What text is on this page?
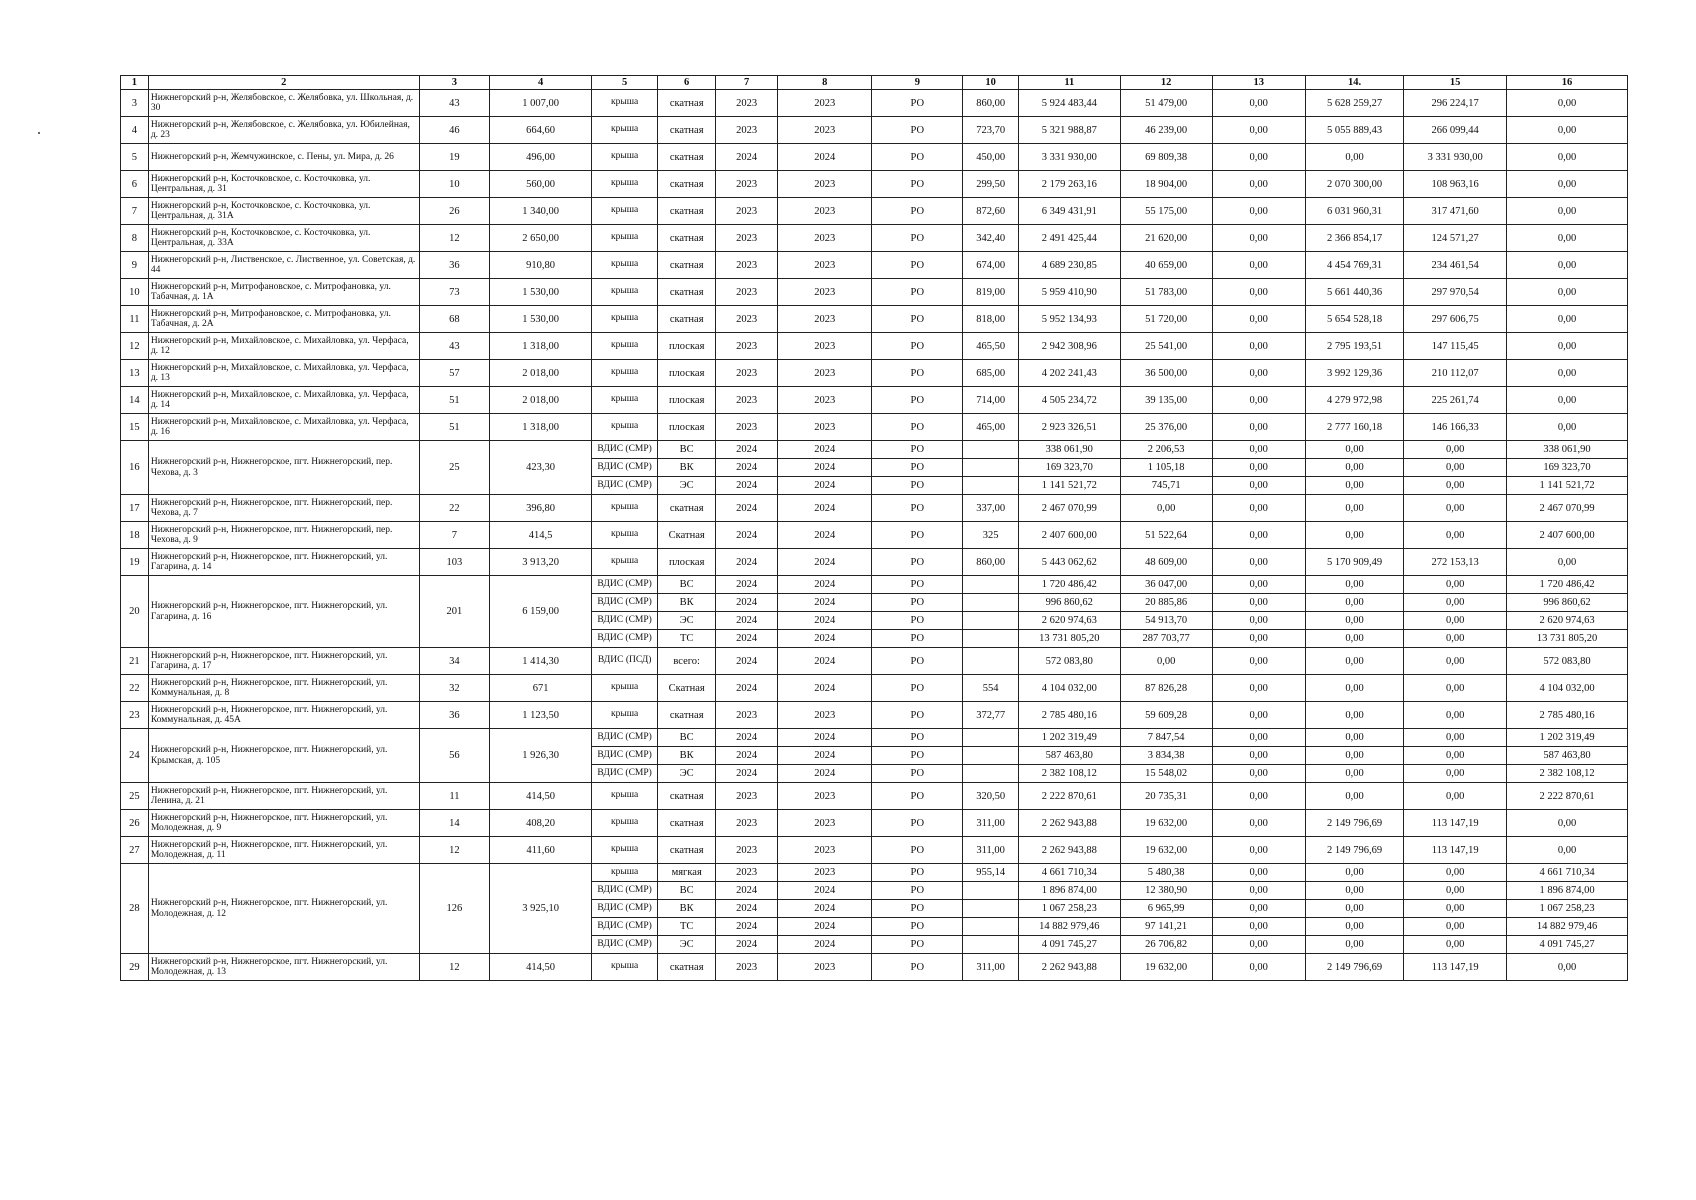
1	2	3	4	5	6	7	8	9	10	11	12	13	14.	15	16
3	Нижнегорский р-н, Желябовское, с. Желябовка, ул. Школьная, д. 30	43	1 007,00	крыша	скатная	2023	2023	РО	860,00	5 924 483,44	51 479,00	0,00	5 628 259,27	296 224,17	0,00
4	Нижнегорский р-н, Желябовское, с. Желябовка, ул. Юбилейная, д. 23	46	664,60	крыша	скатная	2023	2023	РО	723,70	5 321 988,87	46 239,00	0,00	5 055 889,43	266 099,44	0,00
5	Нижнегорский р-н, Жемчужинское, с. Пены, ул. Мира, д. 26	19	496,00	крыша	скатная	2024	2024	РО	450,00	3 331 930,00	69 809,38	0,00	0,00	3 331 930,00	0,00
6	Нижнегорский р-н, Косточковское, с. Косточковка, ул. Центральная, д. 31	10	560,00	крыша	скатная	2023	2023	РО	299,50	2 179 263,16	18 904,00	0,00	2 070 300,00	108 963,16	0,00
7	Нижнегорский р-н, Косточковское, с. Косточковка, ул. Центральная, д. 31А	26	1 340,00	крыша	скатная	2023	2023	РО	872,60	6 349 431,91	55 175,00	0,00	6 031 960,31	317 471,60	0,00
8	Нижнегорский р-н, Косточковское, с. Косточковка, ул. Центральная, д. 33А	12	2 650,00	крыша	скатная	2023	2023	РО	342,40	2 491 425,44	21 620,00	0,00	2 366 854,17	124 571,27	0,00
9	Нижнегорский р-н, Лиственское, с. Лиственное, ул. Советская, д. 44	36	910,80	крыша	скатная	2023	2023	РО	674,00	4 689 230,85	40 659,00	0,00	4 454 769,31	234 461,54	0,00
10	Нижнегорский р-н, Митрофановское, с. Митрофановка, ул. Табачная, д. 1А	73	1 530,00	крыша	скатная	2023	2023	РО	819,00	5 959 410,90	51 783,00	0,00	5 661 440,36	297 970,54	0,00
11	Нижнегорский р-н, Митрофановское, с. Митрофановка, ул. Табачная, д. 2А	68	1 530,00	крыша	скатная	2023	2023	РО	818,00	5 952 134,93	51 720,00	0,00	5 654 528,18	297 606,75	0,00
12	Нижнегорский р-н, Михайловское, с. Михайловка, ул. Черфаса, д. 12	43	1 318,00	крыша	плоская	2023	2023	РО	465,50	2 942 308,96	25 541,00	0,00	2 795 193,51	147 115,45	0,00
13	Нижнегорский р-н, Михайловское, с. Михайловка, ул. Черфаса, д. 13	57	2 018,00	крыша	плоская	2023	2023	РО	685,00	4 202 241,43	36 500,00	0,00	3 992 129,36	210 112,07	0,00
14	Нижнегорский р-н, Михайловское, с. Михайловка, ул. Черфаса, д. 14	51	2 018,00	крыша	плоская	2023	2023	РО	714,00	4 505 234,72	39 135,00	0,00	4 279 972,98	225 261,74	0,00
15	Нижнегорский р-н, Михайловское, с. Михайловка, ул. Черфаса, д. 16	51	1 318,00	крыша	плоская	2023	2023	РО	465,00	2 923 326,51	25 376,00	0,00	2 777 160,18	146 166,33	0,00
16	Нижнегорский р-н, Нижнегорское, пгт. Нижнегорский, пер. Чехова, д. 3	25	423,30	ВДИС (СМР)	ВС	2024	2024	РО		338 061,90	2 206,53	0,00	0,00	0,00	338 061,90
				ВДИС (СМР)	ВК	2024	2024	РО		169 323,70	1 105,18	0,00	0,00	0,00	169 323,70
				ВДИС (СМР)	ЭС	2024	2024	РО		1 141 521,72	745,71	0,00	0,00	0,00	1 141 521,72
17	Нижнегорский р-н, Нижнегорское, пгт. Нижнегорский, пер. Чехова, д. 7	22	396,80	крыша	скатная	2024	2024	РО	337,00	2 467 070,99	0,00	0,00	0,00	0,00	2 467 070,99
18	Нижнегорский р-н, Нижнегорское, пгт. Нижнегорский, пер. Чехова, д. 9	7	414,5	крыша	Скатная	2024	2024	РО	325	2 407 600,00	51 522,64	0,00	0,00	0,00	2 407 600,00
19	Нижнегорский р-н, Нижнегорское, пгт. Нижнегорский, ул. Гагарина, д. 14	103	3 913,20	крыша	плоская	2024	2024	РО	860,00	5 443 062,62	48 609,00	0,00	5 170 909,49	272 153,13	0,00
20	Нижнегорский р-н, Нижнегорское, пгт. Нижнегорский, ул. Гагарина, д. 16	201	6 159,00	ВДИС (СМР)	ВС	2024	2024	РО		1 720 486,42	36 047,00	0,00	0,00	0,00	1 720 486,42
				ВДИС (СМР)	ВК	2024	2024	РО		996 860,62	20 885,86	0,00	0,00	0,00	996 860,62
				ВДИС (СМР)	ЭС	2024	2024	РО		2 620 974,63	54 913,70	0,00	0,00	0,00	2 620 974,63
				ВДИС (СМР)	ТС	2024	2024	РО		13 731 805,20	287 703,77	0,00	0,00	0,00	13 731 805,20
21	Нижнегорский р-н, Нижнегорское, пгт. Нижнегорский, ул. Гагарина, д. 17	34	1 414,30	ВДИС (ПСД)	всего:	2024	2024	РО		572 083,80	0,00	0,00	0,00	0,00	572 083,80
22	Нижнегорский р-н, Нижнегорское, пгт. Нижнегорский, ул. Коммунальная, д. 8	32	671	крыша	Скатная	2024	2024	РО	554	4 104 032,00	87 826,28	0,00	0,00	0,00	4 104 032,00
23	Нижнегорский р-н, Нижнегорское, пгт. Нижнегорский, ул. Коммунальная, д. 45А	36	1 123,50	крыша	скатная	2023	2023	РО	372,77	2 785 480,16	59 609,28	0,00	0,00	0,00	2 785 480,16
24	Нижнегорский р-н, Нижнегорское, пгт. Нижнегорский, ул. Крымская, д. 105	56	1 926,30	ВДИС (СМР)	ВС	2024	2024	РО		1 202 319,49	7 847,54	0,00	0,00	0,00	1 202 319,49
				ВДИС (СМР)	ВК	2024	2024	РО		587 463,80	3 834,38	0,00	0,00	0,00	587 463,80
				ВДИС (СМР)	ЭС	2024	2024	РО		2 382 108,12	15 548,02	0,00	0,00	0,00	2 382 108,12
25	Нижнегорский р-н, Нижнегорское, пгт. Нижнегорский, ул. Ленина, д. 21	11	414,50	крыша	скатная	2023	2023	РО	320,50	2 222 870,61	20 735,31	0,00	0,00	0,00	2 222 870,61
26	Нижнегорский р-н, Нижнегорское, пгт. Нижнегорский, ул. Молодежная, д. 9	14	408,20	крыша	скатная	2023	2023	РО	311,00	2 262 943,88	19 632,00	0,00	2 149 796,69	113 147,19	0,00
27	Нижнегорский р-н, Нижнегорское, пгт. Нижнегорский, ул. Молодежная, д. 11	12	411,60	крыша	скатная	2023	2023	РО	311,00	2 262 943,88	19 632,00	0,00	2 149 796,69	113 147,19	0,00
28	Нижнегорский р-н, Нижнегорское, пгт. Нижнегорский, ул. Молодежная, д. 12	126	3 925,10	крыша	мягкая	2023	2023	РО	955,14	4 661 710,34	5 480,38	0,00	0,00	0,00	4 661 710,34
				ВДИС (СМР)	ВС	2024	2024	РО		1 896 874,00	12 380,90	0,00	0,00	0,00	1 896 874,00
				ВДИС (СМР)	ВК	2024	2024	РО		1 067 258,23	6 965,99	0,00	0,00	0,00	1 067 258,23
				ВДИС (СМР)	ТС	2024	2024	РО		14 882 979,46	97 141,21	0,00	0,00	0,00	14 882 979,46
				ВДИС (СМР)	ЭС	2024	2024	РО		4 091 745,27	26 706,82	0,00	0,00	0,00	4 091 745,27
29	Нижнегорский р-н, Нижнегорское, пгт. Нижнегорский, ул. Молодежная, д. 13	12	414,50	крыша	скатная	2023	2023	РО	311,00	2 262 943,88	19 632,00	0,00	2 149 796,69	113 147,19	0,00
